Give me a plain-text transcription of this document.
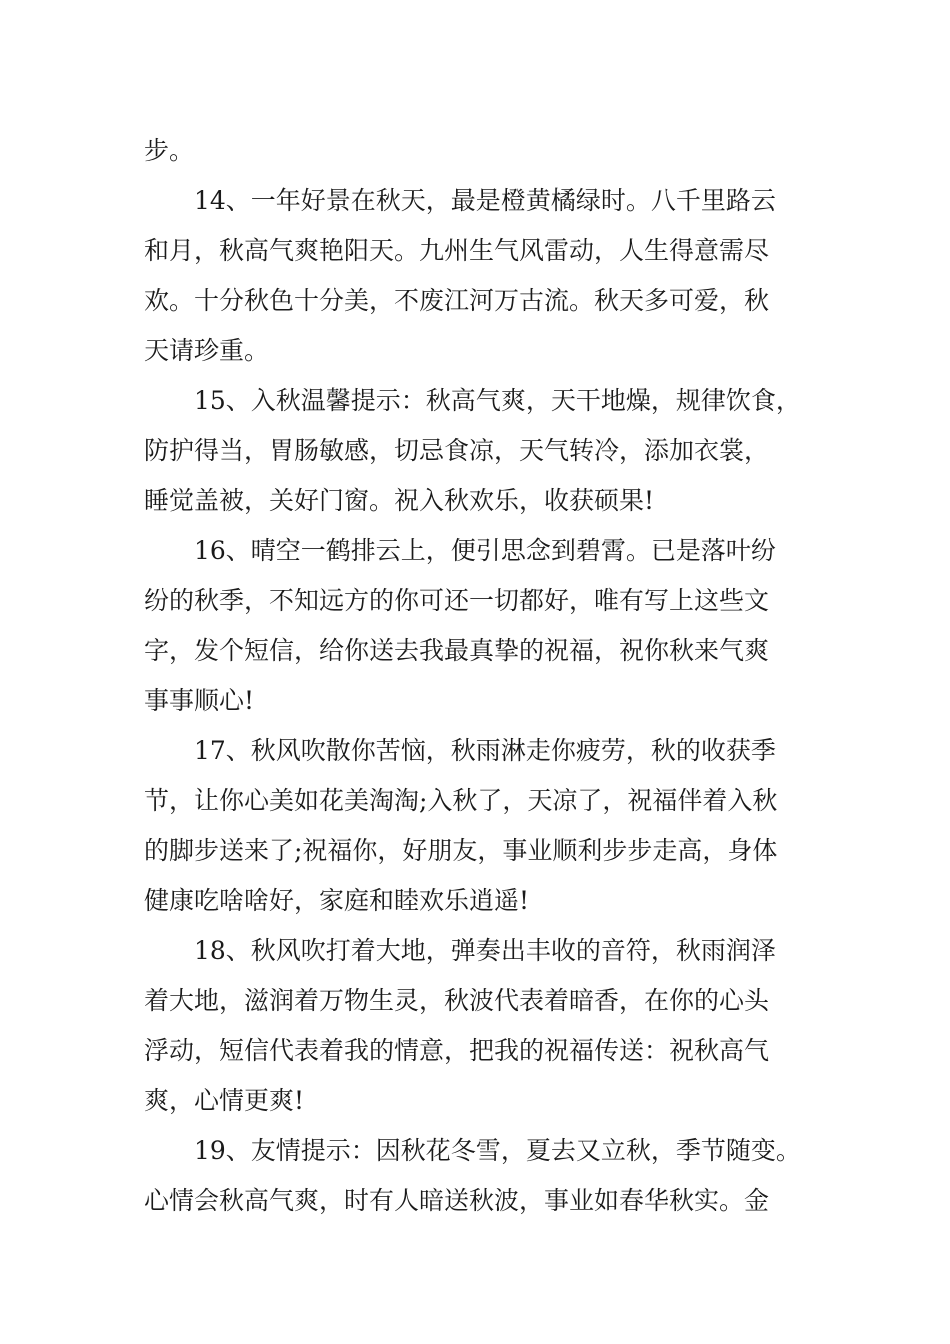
步。
14、一年好景在秋天，最是橙黄橘绿时。八千里路云
和月，秋高气爽艳阳天。九州生气风雷动，人生得意需尽
欢。十分秋色十分美，不废江河万古流。秋天多可爱，秋
天请珍重。
15、入秋温馨提示：秋高气爽，天干地燥，规律饮食，
防护得当，胃肠敏感，切忌食凉，天气转冷，添加衣裳，
睡觉盖被，关好门窗。祝入秋欢乐，收获硕果!
16、晴空一鹤排云上，便引思念到碧霄。已是落叶纷
纷的秋季，不知远方的你可还一切都好，唯有写上这些文
字，发个短信，给你送去我最真挚的祝福，祝你秋来气爽
事事顺心!
17、秋风吹散你苦恼，秋雨淋走你疲劳，秋的收获季
节，让你心美如花美淘淘;入秋了，天凉了，祝福伴着入秋
的脚步送来了;祝福你，好朋友，事业顺利步步走高，身体
健康吃啥啥好，家庭和睦欢乐逍遥!
18、秋风吹打着大地，弹奏出丰收的音符，秋雨润泽
着大地，滋润着万物生灵，秋波代表着暗香，在你的心头
浮动，短信代表着我的情意，把我的祝福传送：祝秋高气
爽，心情更爽!
19、友情提示：因秋花冬雪，夏去又立秋，季节随变。
心情会秋高气爽，时有人暗送秋波，事业如春华秋实。金
